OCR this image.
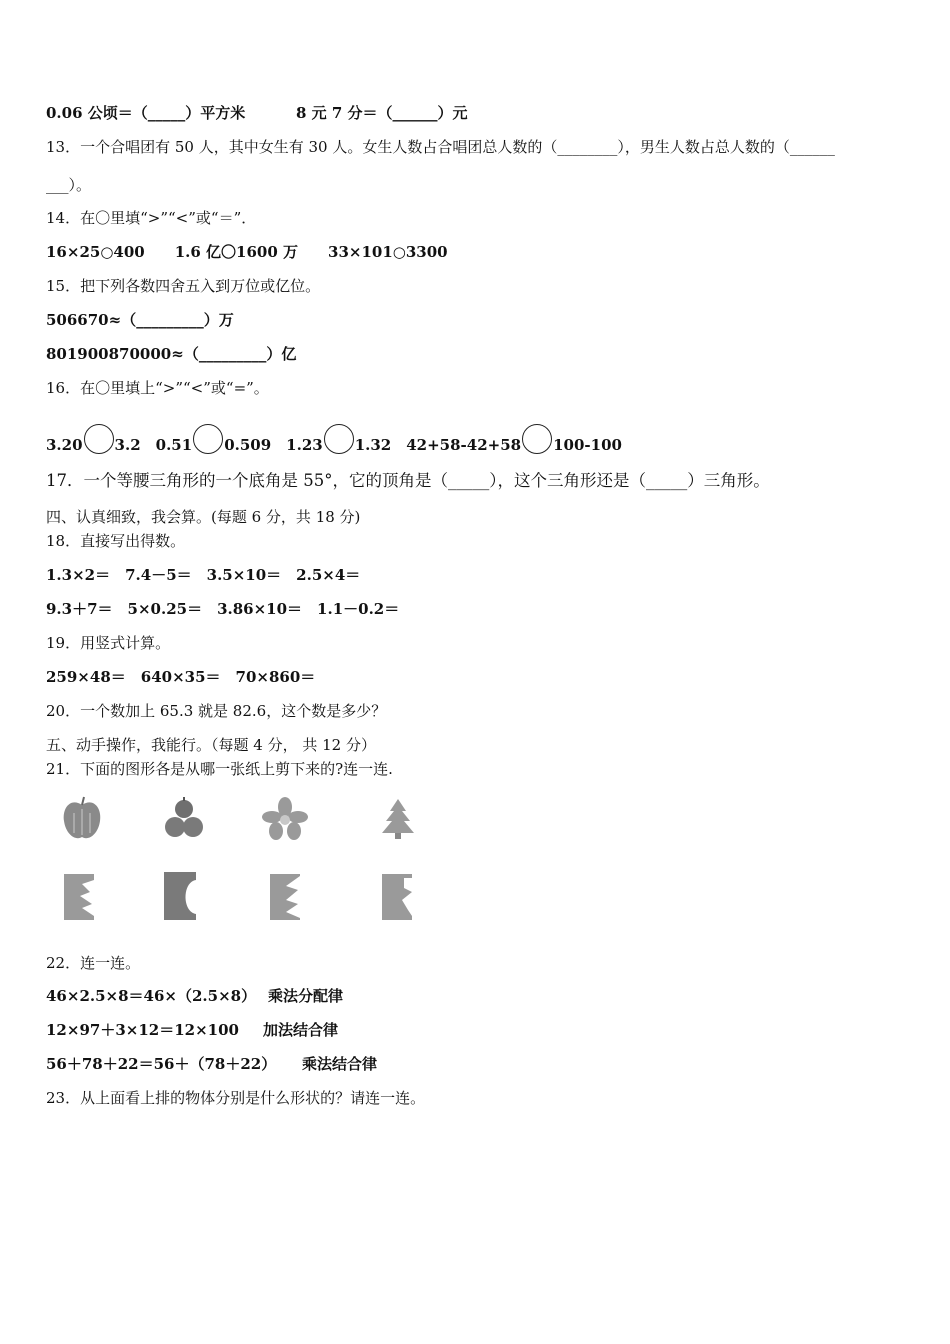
0.06 公顷＝（_____）平方米	8 元 7 分＝（______）元
13．一个合唱团有 50 人，其中女生有 30 人。女生人数占合唱团总人数的（________），男生人数占总人数的（______
___）。
14．在〇里填“>”“<”或“＝”．
16×25○400　　1.6 亿〇1600 万　　33×101○3300
15．把下列各数四舍五入到万位或亿位。
506670≈（_________）万
801900870000≈（_________）亿
16．在〇里填上“>”“<”或“=”。
3.20 3.2　0.51 0.509　1.23 1.32　42+58-42+58 100-100
17．一个等腰三角形的一个底角是 55°，它的顶角是（_____），这个三角形还是（_____）三角形。
四、认真细致，我会算。(每题 6 分，共 18 分)
18．直接写出得数。
1.3×2＝　7.4－5＝　3.5×10＝　2.5×4＝
9.3＋7＝　5×0.25＝　3.86×10＝　1.1－0.2＝
19．用竖式计算。
259×48＝　640×35＝　70×860＝
20．一个数加上 65.3 就是 82.6，这个数是多少？
五、动手操作，我能行。（每题 4 分， 共 12 分）
21．下面的图形各是从哪一张纸上剪下来的?连一连.
22．连一连。
46×2.5×8＝46×（2.5×8） 乘法分配律
12×97＋3×12＝12×100 加法结合律
56＋78＋22＝56＋（78＋22） 乘法结合律
23．从上面看上排的物体分别是什么形状的？请连一连。
